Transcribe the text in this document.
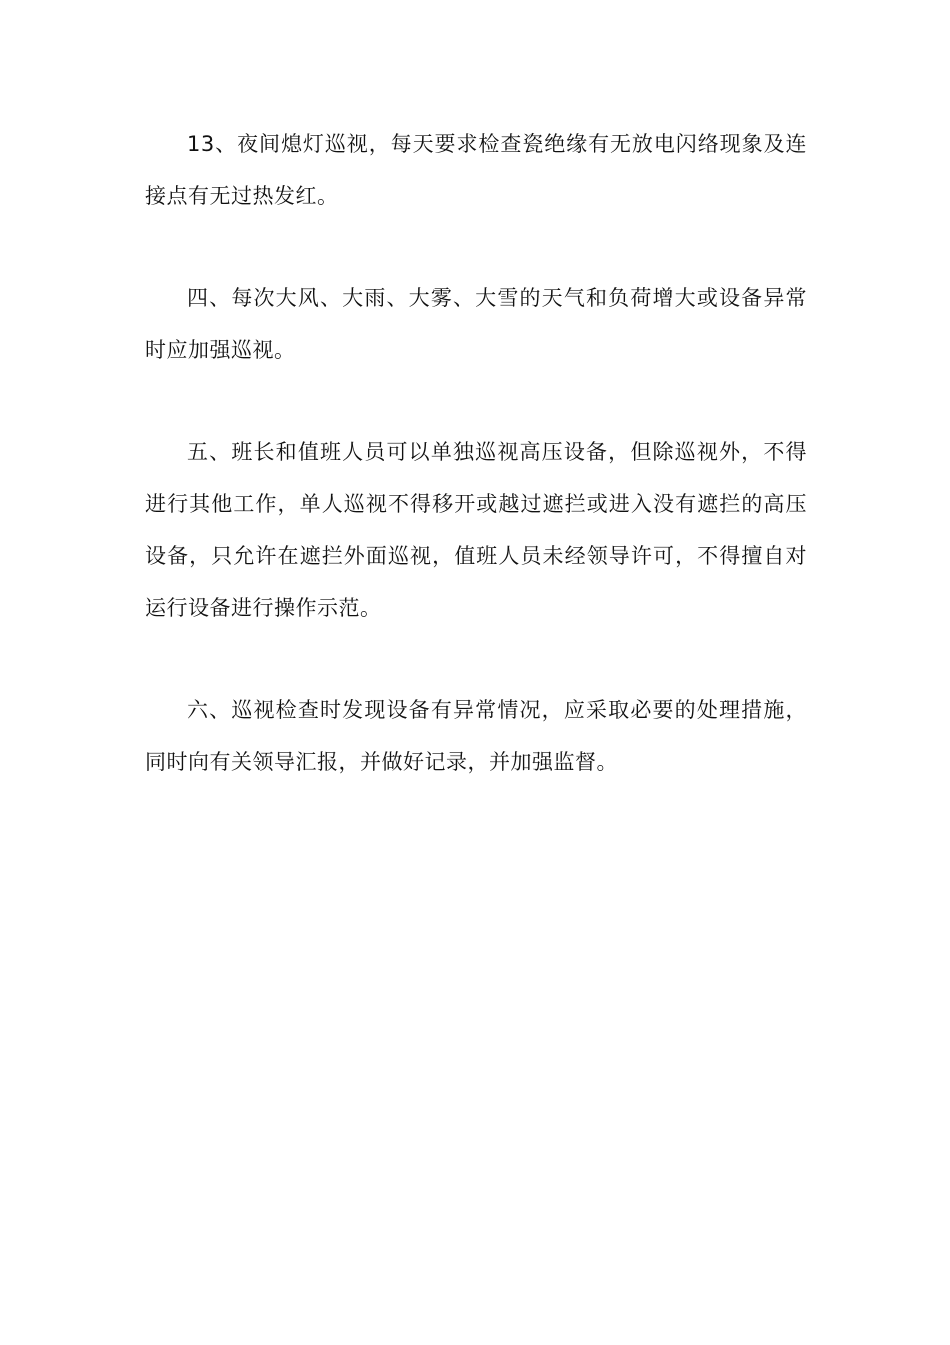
13、夜间熄灯巡视，每天要求检查瓷绝缘有无放电闪络现象及连接点有无过热发红。

四、每次大风、大雨、大雾、大雪的天气和负荷增大或设备异常时应加强巡视。

五、班长和值班人员可以单独巡视高压设备，但除巡视外，不得进行其他工作，单人巡视不得移开或越过遮拦或进入没有遮拦的高压设备，只允许在遮拦外面巡视，值班人员未经领导许可，不得擅自对运行设备进行操作示范。

六、巡视检查时发现设备有异常情况，应采取必要的处理措施，同时向有关领导汇报，并做好记录，并加强监督。
